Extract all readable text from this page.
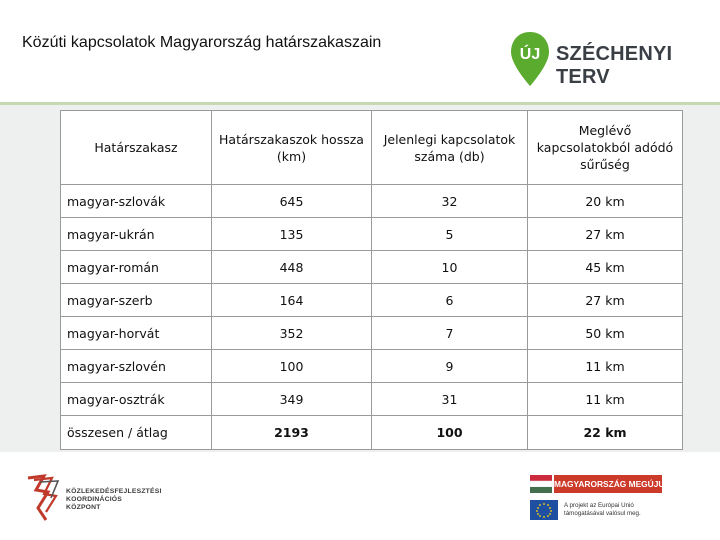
Közúti kapcsolatok Magyarország határszakaszain
ÚJ SZÉCHENYI TERV
Határszakasz	Határszakaszok hossza (km)	Jelenlegi kapcsolatok száma (db)	Meglévő kapcsolatokból adódó sűrűség
magyar-szlovák	645	32	20 km
magyar-ukrán	135	5	27 km
magyar-román	448	10	45 km
magyar-szerb	164	6	27 km
magyar-horvát	352	7	50 km
magyar-szlovén	100	9	11 km
magyar-osztrák	349	31	11 km
összesen / átlag	2193	100	22 km
KÖZLEKEDÉSFEJLESZTÉSI
KOORDINÁCIÓS
KÖZPONT
MAGYARORSZÁG MEGÚJUL
A projekt az Európai Unió
támogatásával valósul meg.
